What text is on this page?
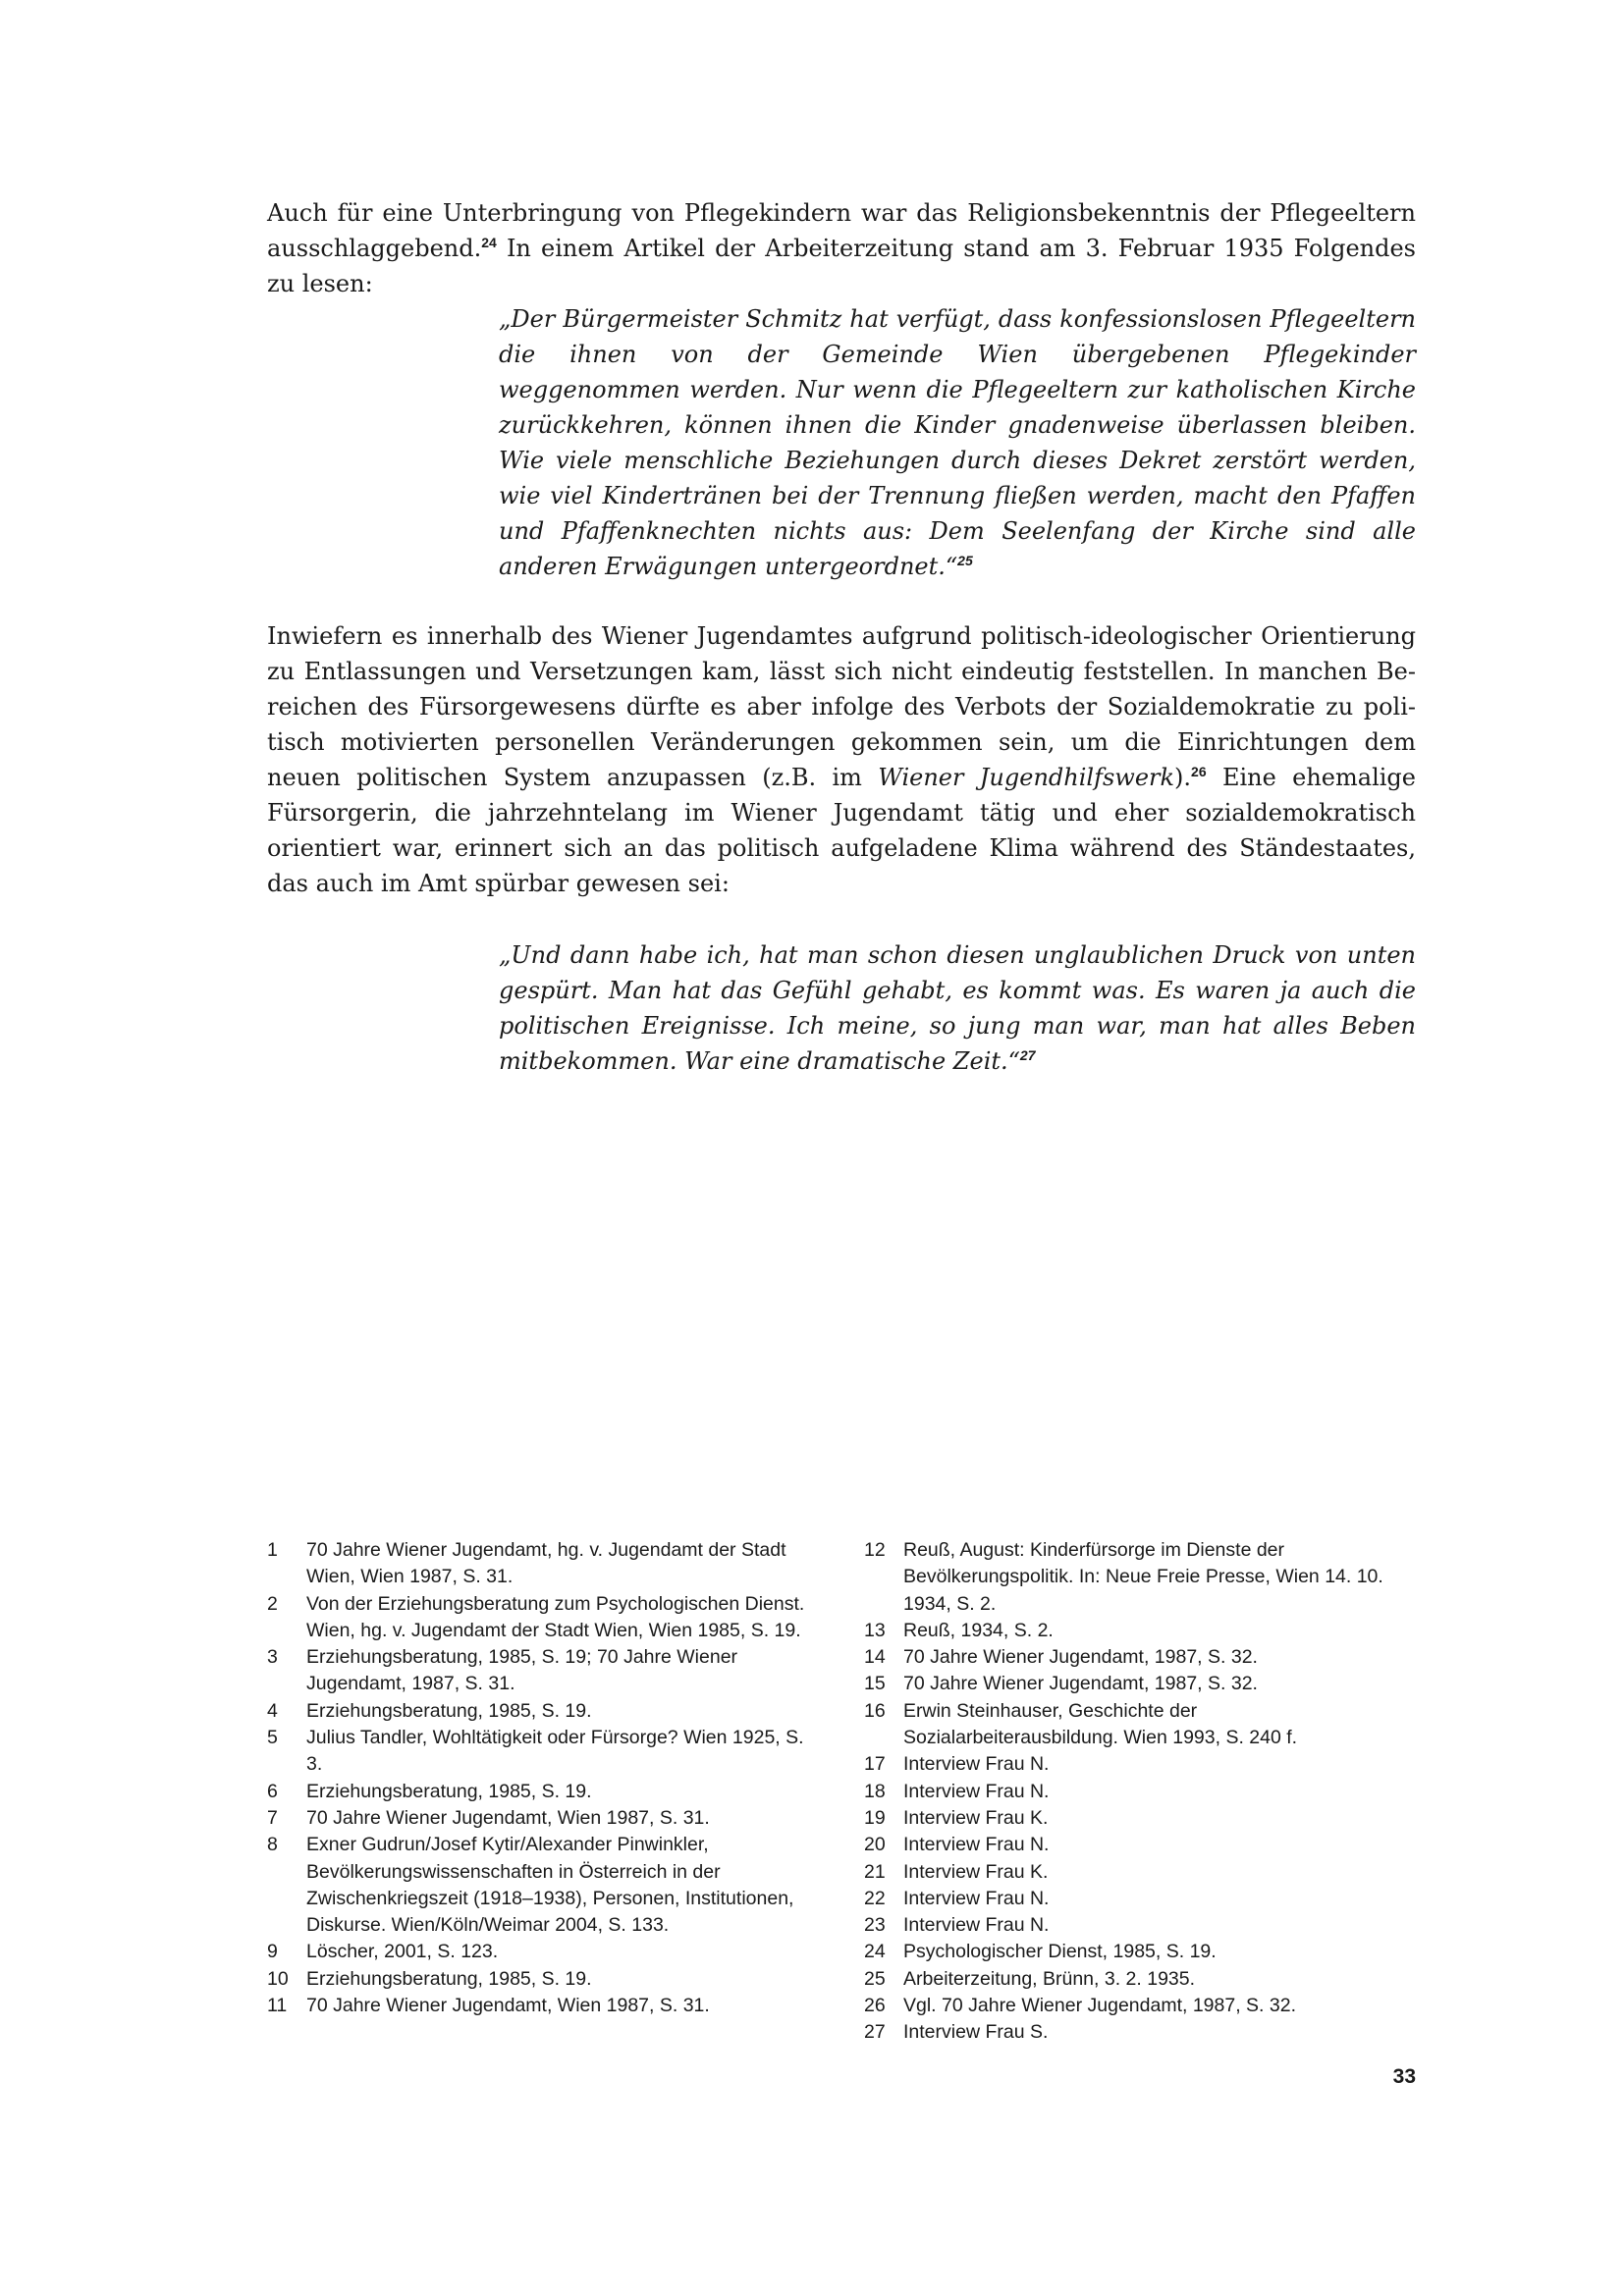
Auch für eine Unterbringung von Pflegekindern war das Religionsbekenntnis der Pflegeeltern ausschlaggebend.$^{24}$ In einem Artikel der Arbeiterzeitung stand am 3. Februar 1935 Folgendes zu lesen:

„Der Bürgermeister Schmitz hat verfügt, dass konfessionslosen Pflegeeltern die ihnen von der Gemeinde Wien übergebenen Pflegekinder weggenommen werden. Nur wenn die Pflegeeltern zur katholischen Kirche zurückkehren, können ihnen die Kinder gnadenweise überlassen bleiben. Wie viele menschliche Beziehungen durch dieses Dekret zerstört werden, wie viel Kindertränen bei der Trennung fließen werden, macht den Pfaffen und Pfaffenknechten nichts aus: Dem Seelenfang der Kirche sind alle anderen Erwägungen untergeordnet.“$^{25}$

Inwiefern es innerhalb des Wiener Jugendamtes aufgrund politisch-ideologischer Orientierung zu Entlassungen und Versetzungen kam, lässt sich nicht eindeutig feststellen. In manchen Bereichen des Fürsorgewesens dürfte es aber infolge des Verbots der Sozialdemokratie zu politisch motivierten personellen Veränderungen gekommen sein, um die Einrichtungen dem neuen politischen System anzupassen (z.B. im Wiener Jugendhilfswerk).$^{26}$ Eine ehemalige Fürsorgerin, die jahrzehntelang im Wiener Jugendamt tätig und eher sozialdemokratisch orientiert war, erinnert sich an das politisch aufgeladene Klima während des Ständestaates, das auch im Amt spürbar gewesen sei:

„Und dann habe ich, hat man schon diesen unglaublichen Druck von unten gespürt. Man hat das Gefühl gehabt, es kommt was. Es waren ja auch die politischen Ereignisse. Ich meine, so jung man war, man hat alles Beben mitbekommen. War eine dramatische Zeit.“$^{27}$

1	70 Jahre Wiener Jugendamt, hg. v. Jugendamt der Stadt Wien, Wien 1987, S. 31.
2	Von der Erziehungsberatung zum Psychologischen Dienst. Wien, hg. v. Jugendamt der Stadt Wien, Wien 1985, S. 19.
3	Erziehungsberatung, 1985, S. 19; 70 Jahre Wiener Jugendamt, 1987, S. 31.
4	Erziehungsberatung, 1985, S. 19.
5	Julius Tandler, Wohltätigkeit oder Fürsorge? Wien 1925, S. 3.
6	Erziehungsberatung, 1985, S. 19.
7	70 Jahre Wiener Jugendamt, Wien 1987, S. 31.
8	Exner Gudrun/Josef Kytir/Alexander Pinwinkler, Bevölkerungswissenschaften in Österreich in der Zwischenkriegszeit (1918–1938), Personen, Institutionen, Diskurse. Wien/Köln/Weimar 2004, S. 133.
9	Löscher, 2001, S. 123.
10 Erziehungsberatung, 1985, S. 19.
11	70 Jahre Wiener Jugendamt, Wien 1987, S. 31.
12 Reuß, August: Kinderfürsorge im Dienste der Bevölkerungspolitik. In: Neue Freie Presse, Wien 14. 10. 1934, S. 2.
13 Reuß, 1934, S. 2.
14 70 Jahre Wiener Jugendamt, 1987, S. 32.
15 70 Jahre Wiener Jugendamt, 1987, S. 32.
16 Erwin Steinhauser, Geschichte der Sozialarbeiterausbildung. Wien 1993, S. 240 f.
17 Interview Frau N.
18 Interview Frau N.
19 Interview Frau K.
20 Interview Frau N.
21 Interview Frau K.
22 Interview Frau N.
23 Interview Frau N.
24 Psychologischer Dienst, 1985, S. 19.
25 Arbeiterzeitung, Brünn, 3. 2. 1935.
26 Vgl. 70 Jahre Wiener Jugendamt, 1987, S. 32.
27 Interview Frau S.
33
